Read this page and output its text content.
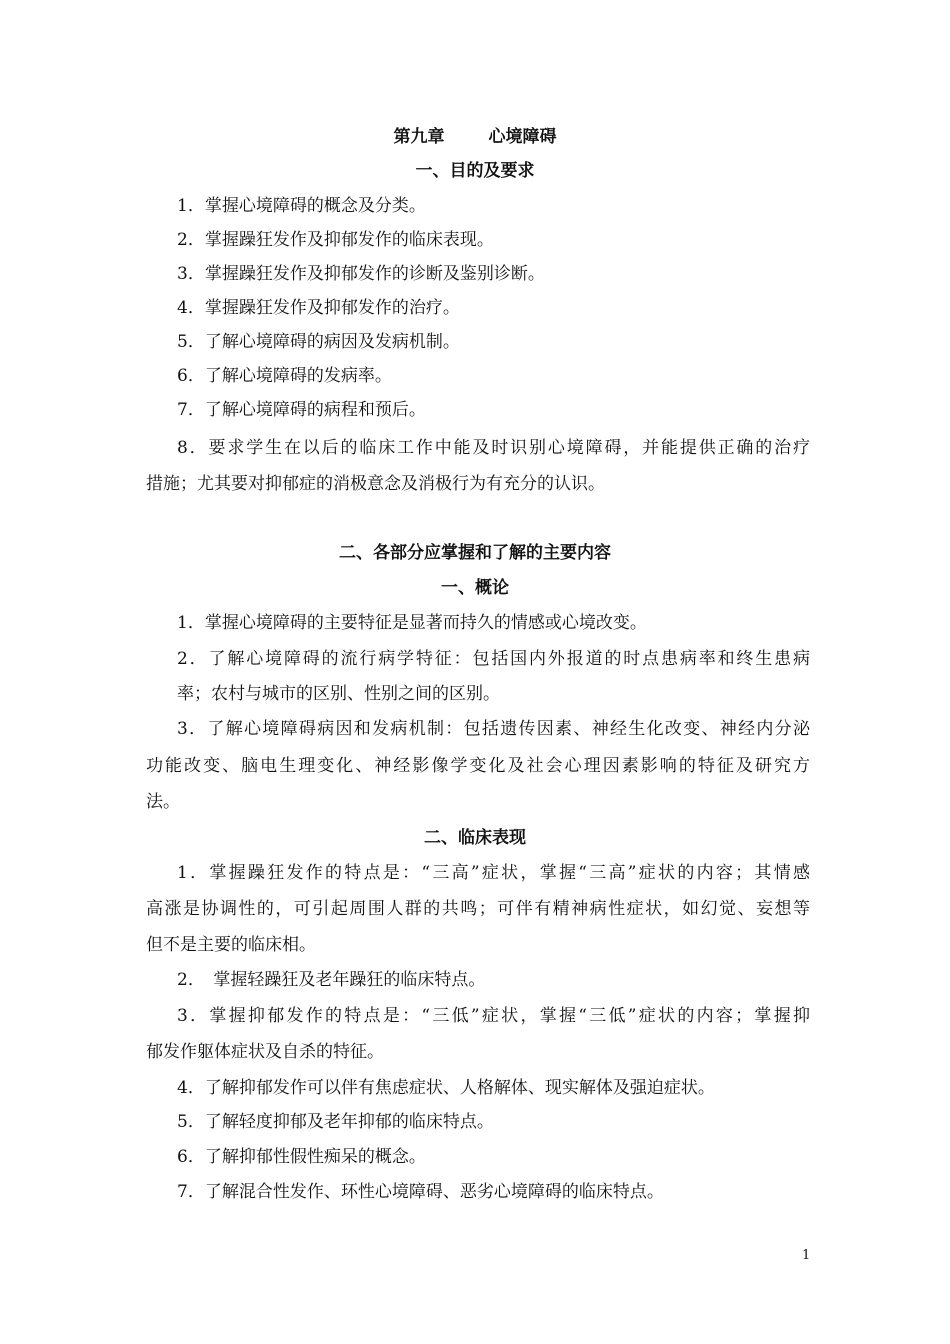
第九章	心境障碍
一、目的及要求
1．掌握心境障碍的概念及分类。
2．掌握躁狂发作及抑郁发作的临床表现。
3．掌握躁狂发作及抑郁发作的诊断及鉴别诊断。
4．掌握躁狂发作及抑郁发作的治疗。
5．了解心境障碍的病因及发病机制。
6．了解心境障碍的发病率。
7．了解心境障碍的病程和预后。
8．要求学生在以后的临床工作中能及时识别心境障碍，并能提供正确的治疗
措施；尤其要对抑郁症的消极意念及消极行为有充分的认识。
二、各部分应掌握和了解的主要内容
一、概论
1．掌握心境障碍的主要特征是显著而持久的情感或心境改变。
2．了解心境障碍的流行病学特征：包括国内外报道的时点患病率和终生患病
率；农村与城市的区别、性别之间的区别。
3．了解心境障碍病因和发病机制：包括遗传因素、神经生化改变、神经内分泌
功能改变、脑电生理变化、神经影像学变化及社会心理因素影响的特征及研究方
法。
二、临床表现
1．掌握躁狂发作的特点是：“三高”症状，掌握“三高”症状的内容；其情感
高涨是协调性的，可引起周围人群的共鸣；可伴有精神病性症状，如幻觉、妄想等
但不是主要的临床相。
2．　掌握轻躁狂及老年躁狂的临床特点。
3．掌握抑郁发作的特点是：“三低”症状，掌握“三低”症状的内容；掌握抑
郁发作躯体症状及自杀的特征。
4．了解抑郁发作可以伴有焦虑症状、人格解体、现实解体及强迫症状。
5．了解轻度抑郁及老年抑郁的临床特点。
6．了解抑郁性假性痴呆的概念。
7．了解混合性发作、环性心境障碍、恶劣心境障碍的临床特点。
1
